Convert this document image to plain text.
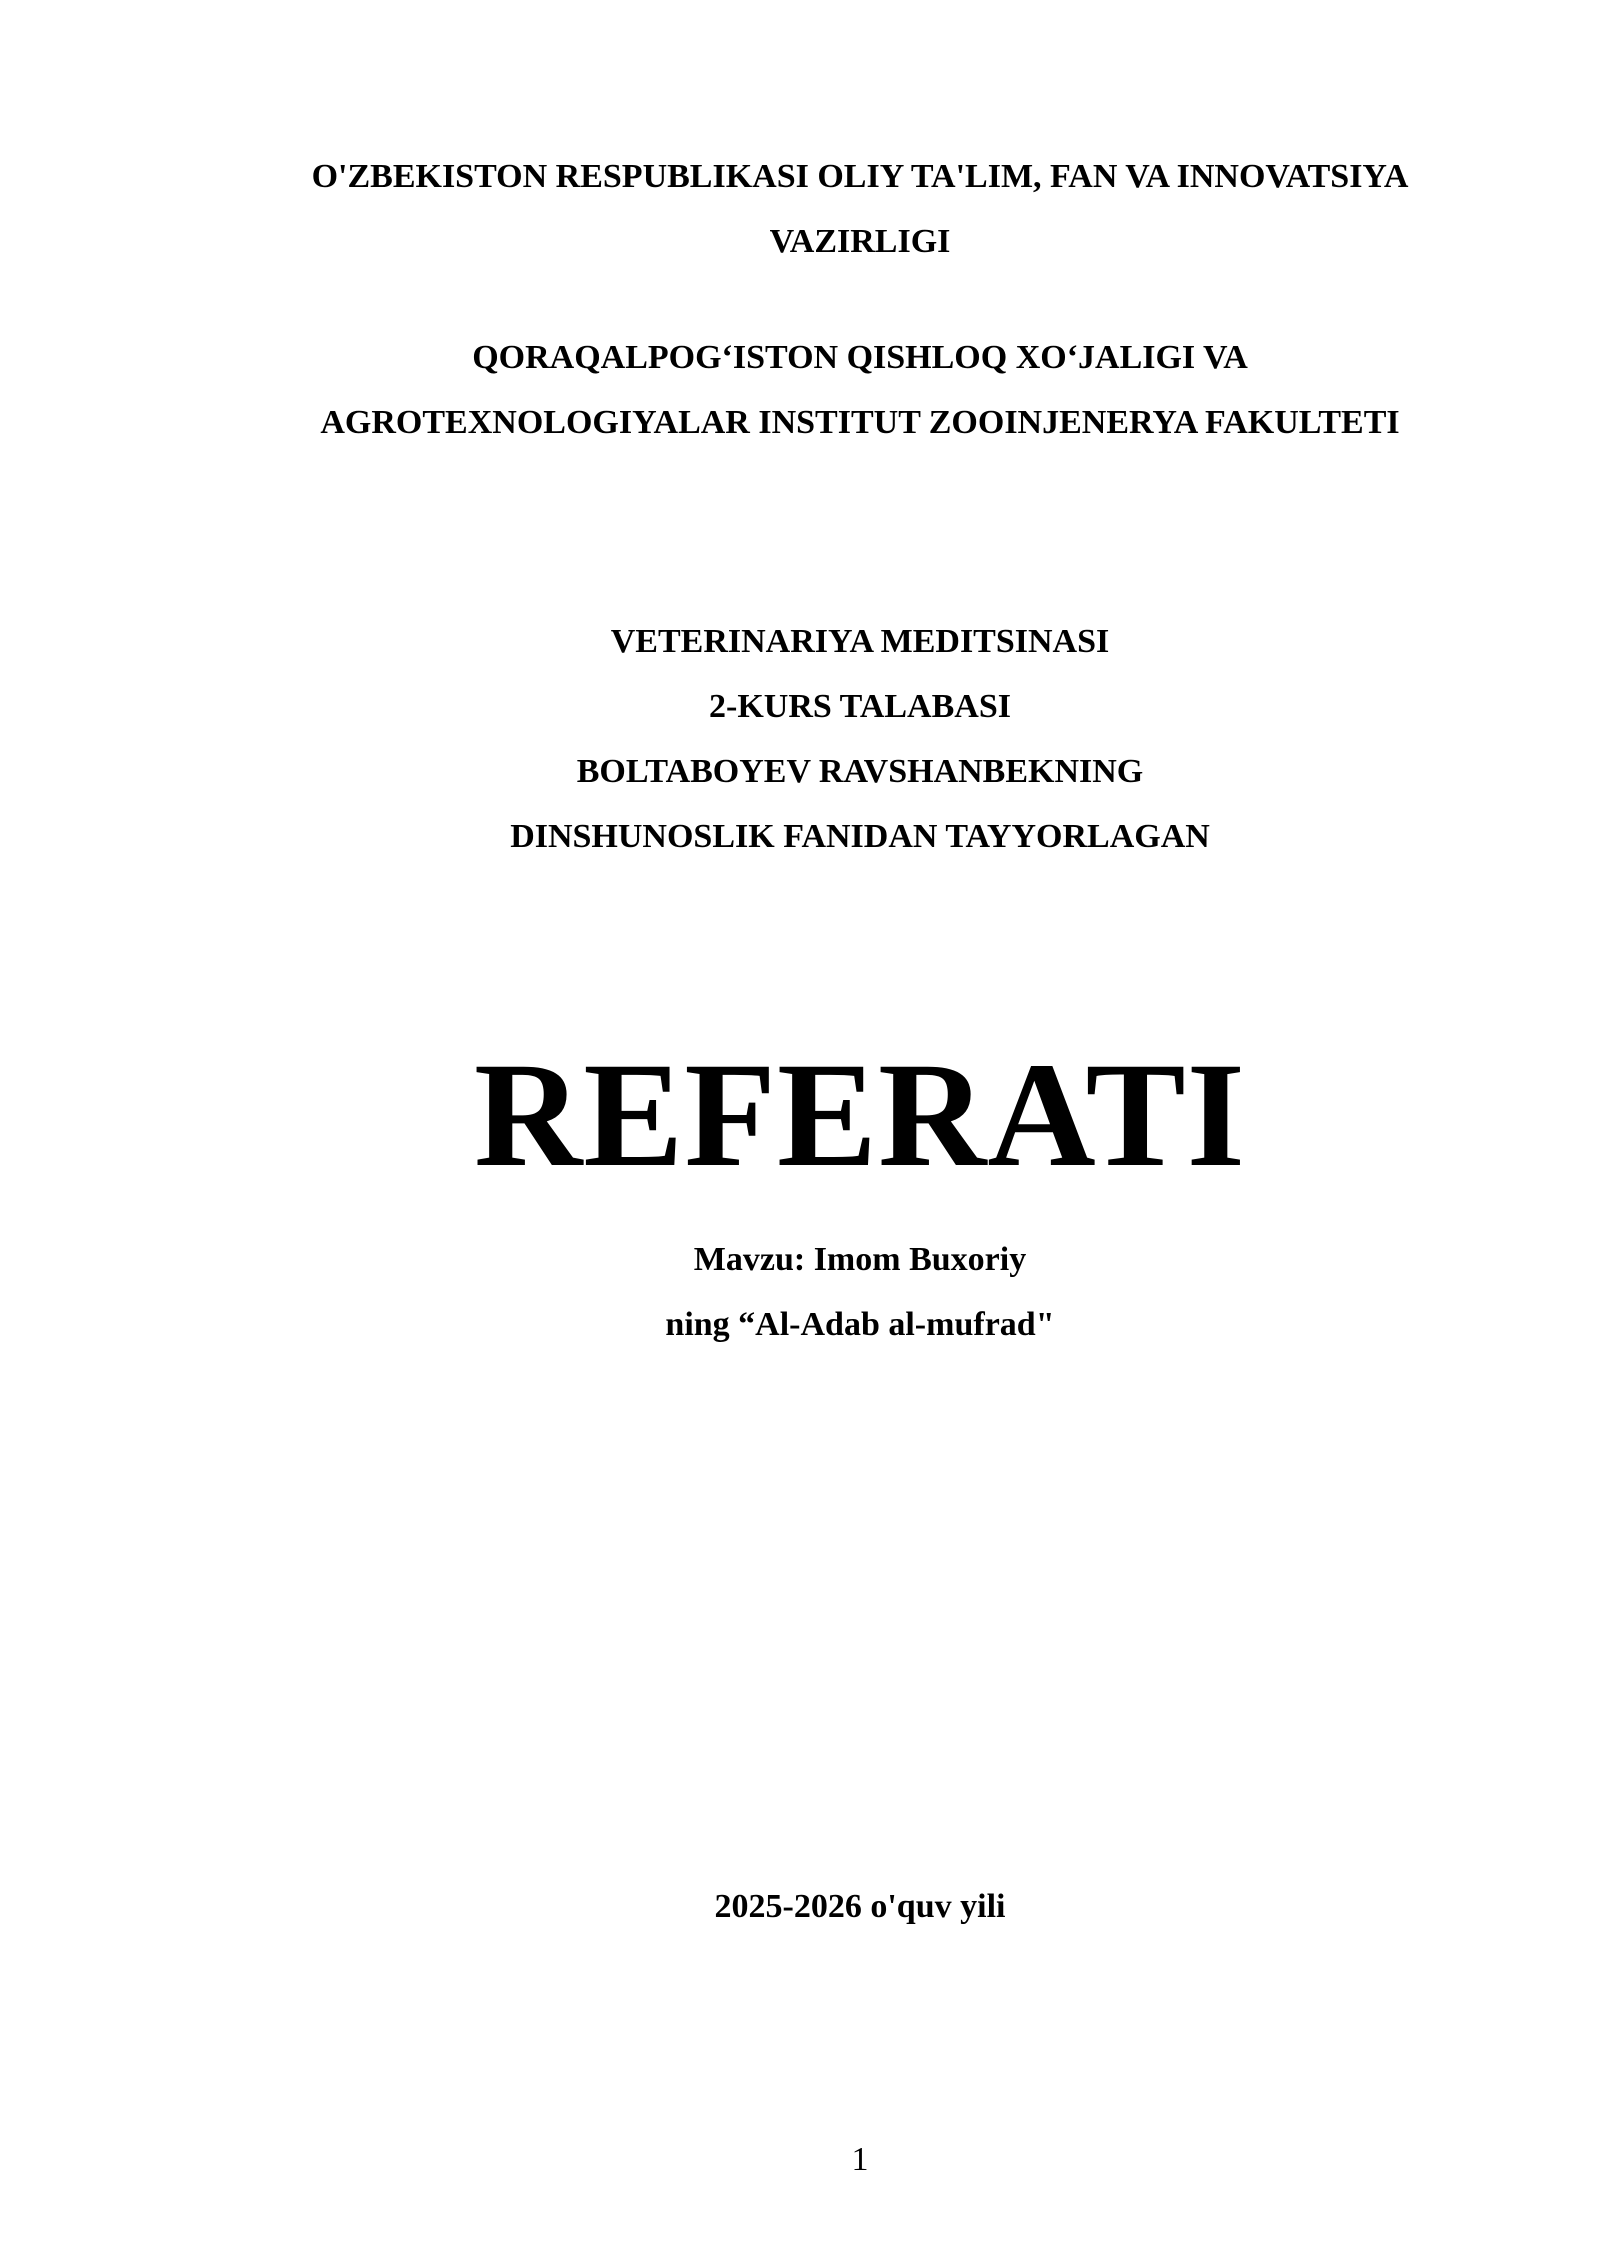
O'ZBEKISTON RESPUBLIKASI OLIY TA'LIM, FAN VA INNOVATSIYA
VAZIRLIGI
QORAQALPOG‘ISTON QISHLOQ XO‘JALIGI VA
AGROTEXNOLOGIYALAR INSTITUT ZOOINJENERYA FAKULTETI
VETERINARIYA MEDITSINASI
2-KURS TALABASI
BOLTABOYEV RAVSHANBEKNING
DINSHUNOSLIK FANIDAN TAYYORLAGAN
REFERATI
Mavzu: Imom Buxoriy
ning “Al-Adab al-mufrad"
2025-2026 o'quv yili
1
